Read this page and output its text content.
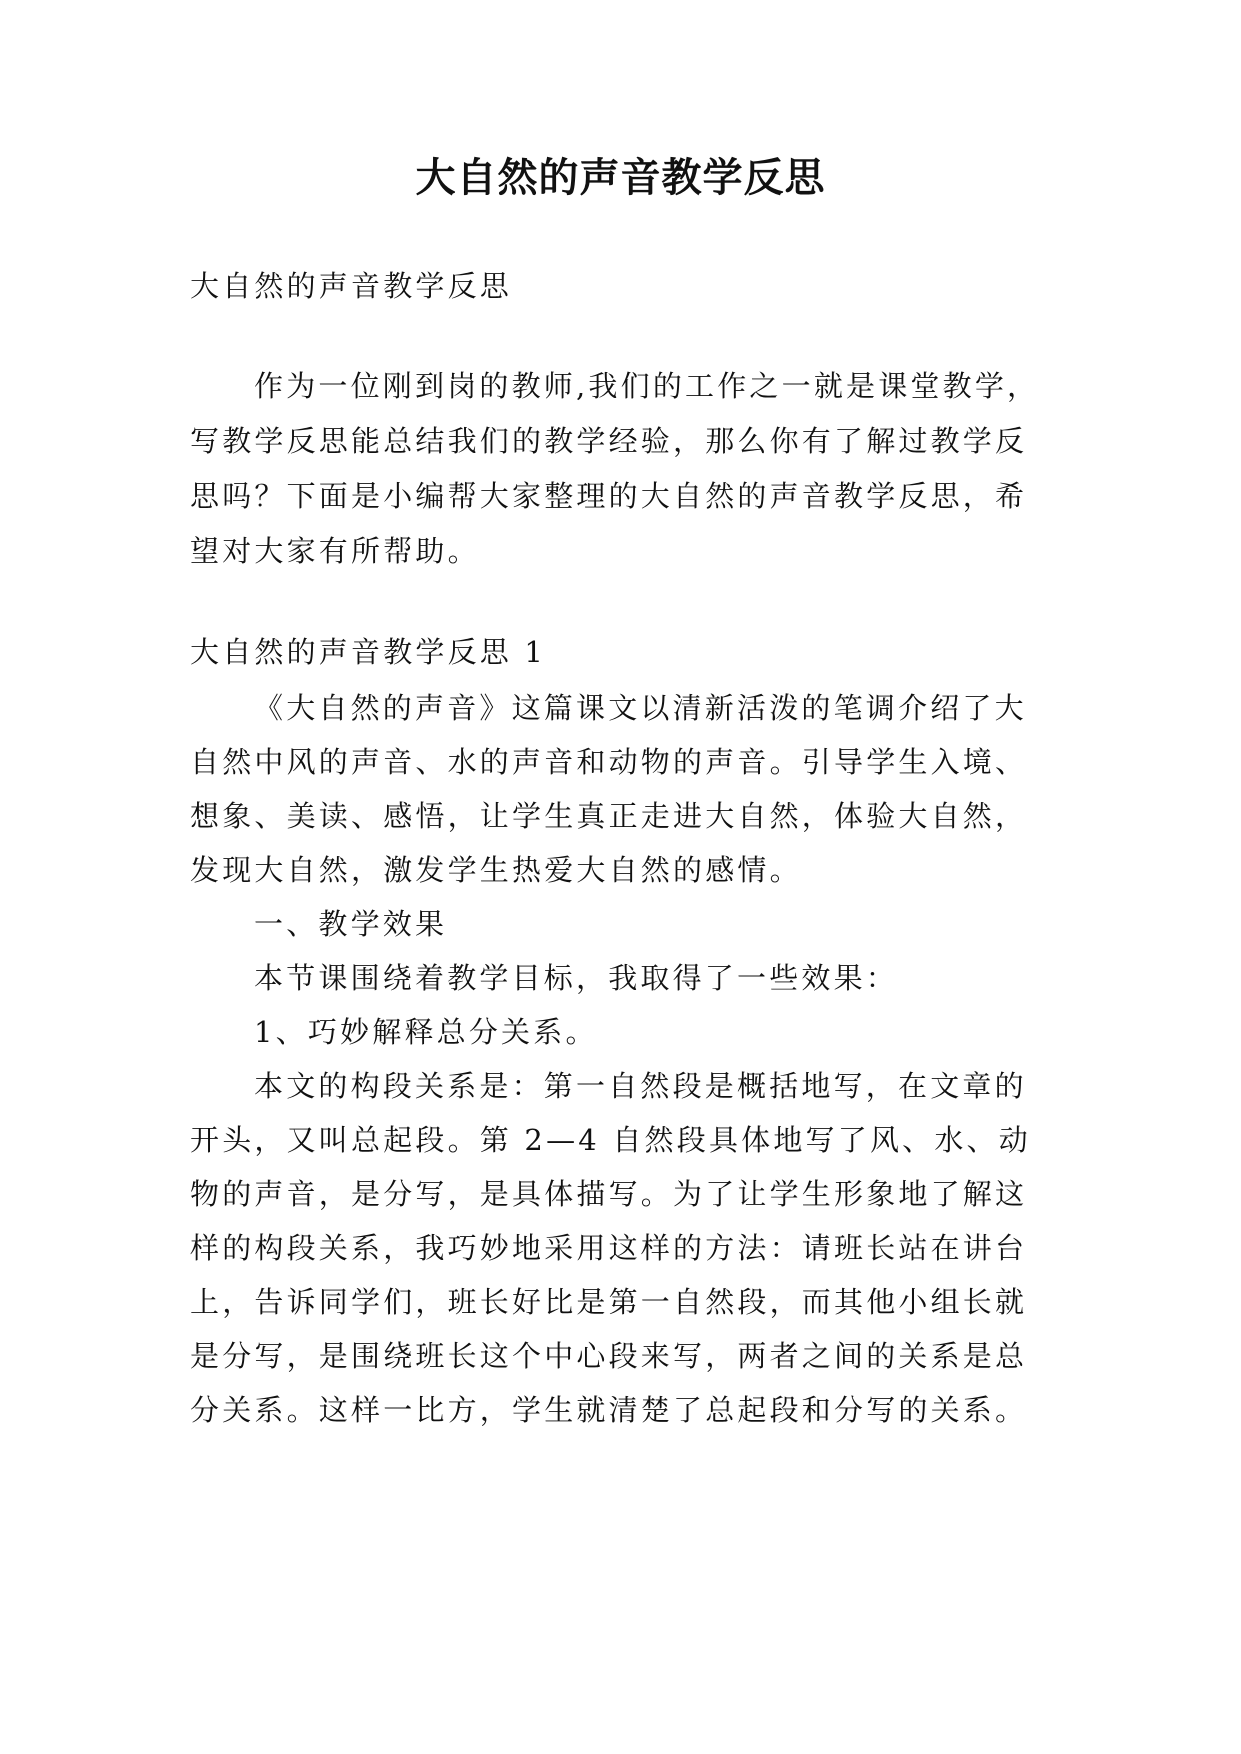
大自然的声音教学反思
大自然的声音教学反思
作为一位刚到岗的教师,我们的工作之一就是课堂教学，
写教学反思能总结我们的教学经验，那么你有了解过教学反
思吗？下面是小编帮大家整理的大自然的声音教学反思，希
望对大家有所帮助。
大自然的声音教学反思 1
《大自然的声音》这篇课文以清新活泼的笔调介绍了大
自然中风的声音、水的声音和动物的声音。引导学生入境、
想象、美读、感悟，让学生真正走进大自然，体验大自然，
发现大自然，激发学生热爱大自然的感情。
一、教学效果
本节课围绕着教学目标，我取得了一些效果：
1、巧妙解释总分关系。
本文的构段关系是：第一自然段是概括地写，在文章的
开头，又叫总起段。第 2—4 自然段具体地写了风、水、动
物的声音，是分写，是具体描写。为了让学生形象地了解这
样的构段关系，我巧妙地采用这样的方法：请班长站在讲台
上，告诉同学们，班长好比是第一自然段，而其他小组长就
是分写，是围绕班长这个中心段来写，两者之间的关系是总
分关系。这样一比方，学生就清楚了总起段和分写的关系。
